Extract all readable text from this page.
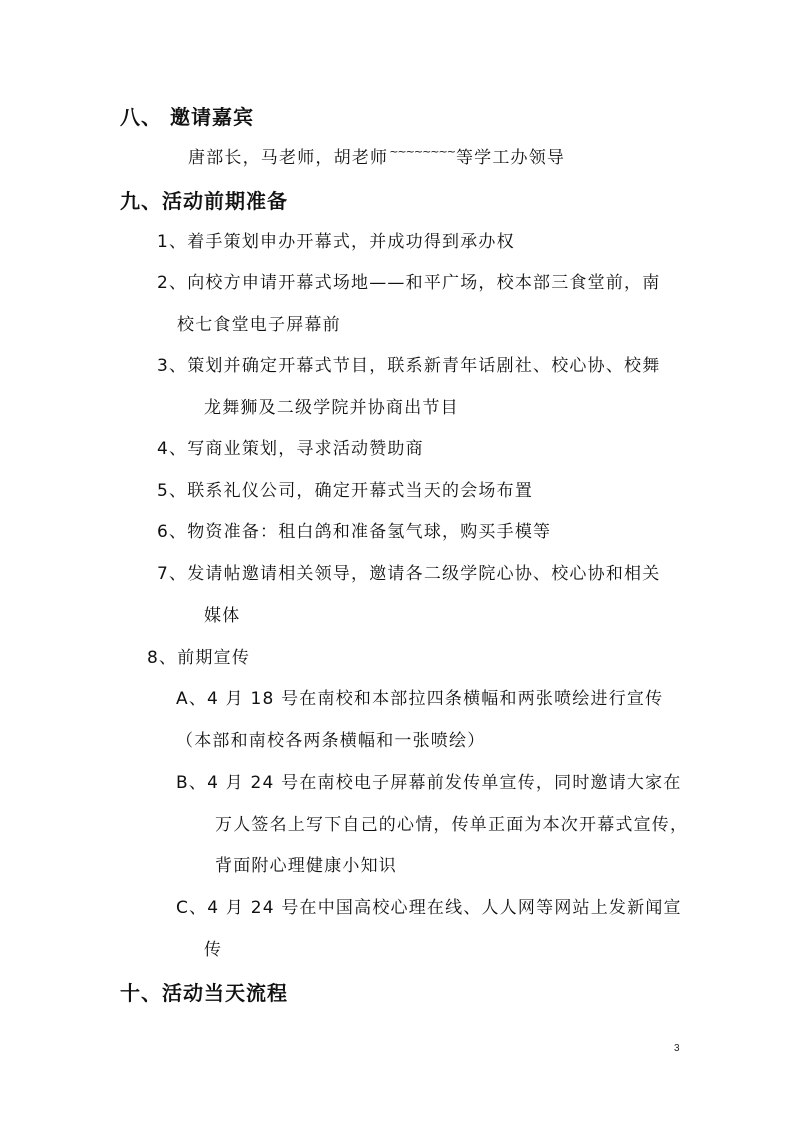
八、 邀请嘉宾
唐部长，马老师，胡老师~~~~~~~~等学工办领导
九、活动前期准备
1、着手策划申办开幕式，并成功得到承办权
2、向校方申请开幕式场地——和平广场，校本部三食堂前，南
校七食堂电子屏幕前
3、策划并确定开幕式节目，联系新青年话剧社、校心协、校舞
龙舞狮及二级学院并协商出节目
4、写商业策划，寻求活动赞助商
5、联系礼仪公司，确定开幕式当天的会场布置
6、物资准备：租白鸽和准备氢气球，购买手模等
7、发请帖邀请相关领导，邀请各二级学院心协、校心协和相关
媒体
8、前期宣传
A、4 月 18 号在南校和本部拉四条横幅和两张喷绘进行宣传
（本部和南校各两条横幅和一张喷绘）
B、4 月 24 号在南校电子屏幕前发传单宣传，同时邀请大家在
万人签名上写下自己的心情，传单正面为本次开幕式宣传，
背面附心理健康小知识
C、4 月 24 号在中国高校心理在线、人人网等网站上发新闻宣
传
十、活动当天流程
3
